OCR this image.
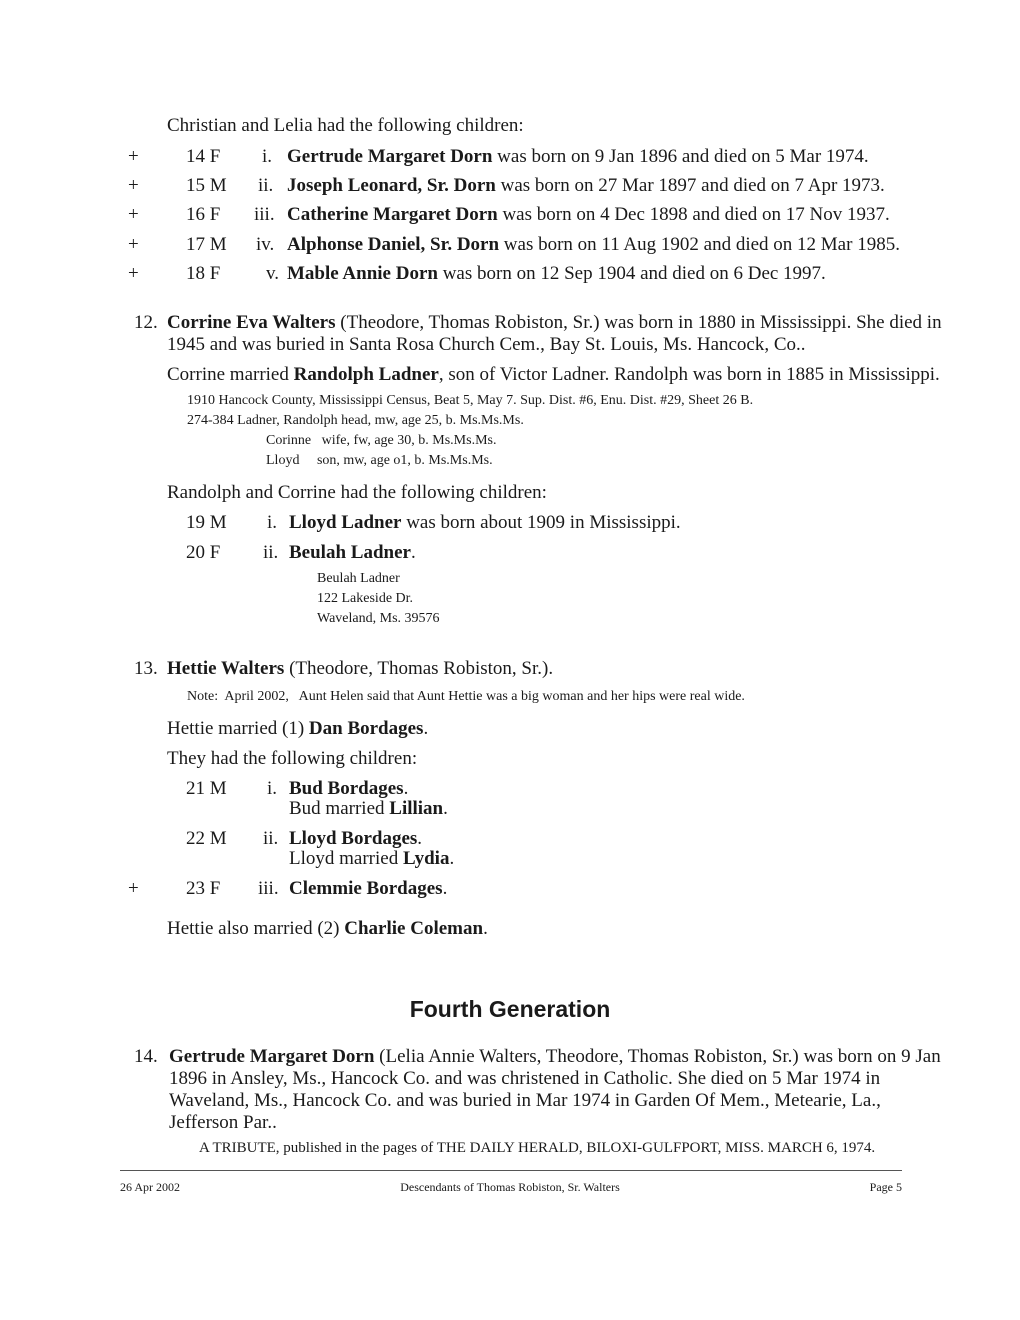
Christian and Lelia had the following children:
+ 14 F i. Gertrude Margaret Dorn was born on 9 Jan 1896 and died on 5 Mar 1974.
+ 15 M ii. Joseph Leonard, Sr. Dorn was born on 27 Mar 1897 and died on 7 Apr 1973.
+ 16 F iii. Catherine Margaret Dorn was born on 4 Dec 1898 and died on 17 Nov 1937.
+ 17 M iv. Alphonse Daniel, Sr. Dorn was born on 11 Aug 1902 and died on 12 Mar 1985.
+ 18 F v. Mable Annie Dorn was born on 12 Sep 1904 and died on 6 Dec 1997.
12. Corrine Eva Walters (Theodore, Thomas Robiston, Sr.) was born in 1880 in Mississippi. She died in
1945 and was buried in Santa Rosa Church Cem., Bay St. Louis, Ms. Hancock, Co..
Corrine married Randolph Ladner, son of Victor Ladner. Randolph was born in 1885 in Mississippi.
1910 Hancock County, Mississippi Census, Beat 5, May 7. Sup. Dist. #6, Enu. Dist. #29, Sheet 26 B.
274-384 Ladner, Randolph head, mw, age 25, b. Ms.Ms.Ms.
Corinne   wife, fw, age 30, b. Ms.Ms.Ms.
Lloyd     son, mw, age o1, b. Ms.Ms.Ms.
Randolph and Corrine had the following children:
19 M i. Lloyd Ladner was born about 1909 in Mississippi.
20 F ii. Beulah Ladner.
Beulah Ladner
122 Lakeside Dr.
Waveland, Ms. 39576
13. Hettie Walters (Theodore, Thomas Robiston, Sr.).
Note:  April 2002,   Aunt Helen said that Aunt Hettie was a big woman and her hips were real wide.
Hettie married (1) Dan Bordages.
They had the following children:
21 M i. Bud Bordages.
Bud married Lillian.
22 M ii. Lloyd Bordages.
Lloyd married Lydia.
+ 23 F iii. Clemmie Bordages.
Hettie also married (2) Charlie Coleman.
Fourth Generation
14. Gertrude Margaret Dorn (Lelia Annie Walters, Theodore, Thomas Robiston, Sr.) was born on 9 Jan
1896 in Ansley, Ms., Hancock Co. and was christened in Catholic. She died on 5 Mar 1974 in
Waveland, Ms., Hancock Co. and was buried in Mar 1974 in Garden Of Mem., Metearie, La.,
Jefferson Par..
A TRIBUTE, published in the pages of THE DAILY HERALD, BILOXI-GULFPORT, MISS. MARCH 6, 1974.
26 Apr 2002	Descendants of Thomas Robiston, Sr. Walters	Page 5
